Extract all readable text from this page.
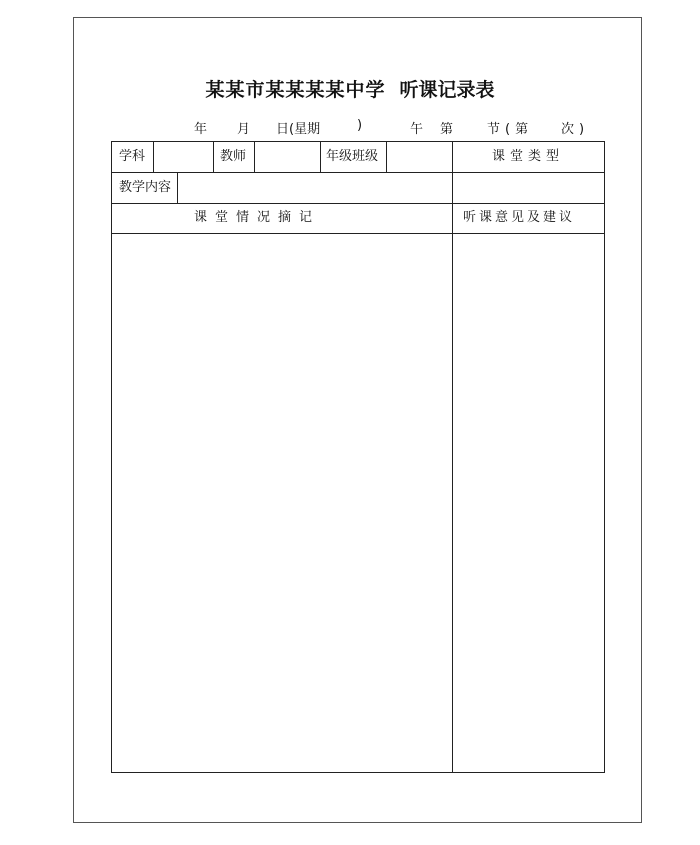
某某市某某某某中学 听课记录表
年 月 日(星期	)	午 第	节(第 次)
学科	教师	年级班级	课堂类型
教学内容
课堂情况摘记	听课意见及建议
